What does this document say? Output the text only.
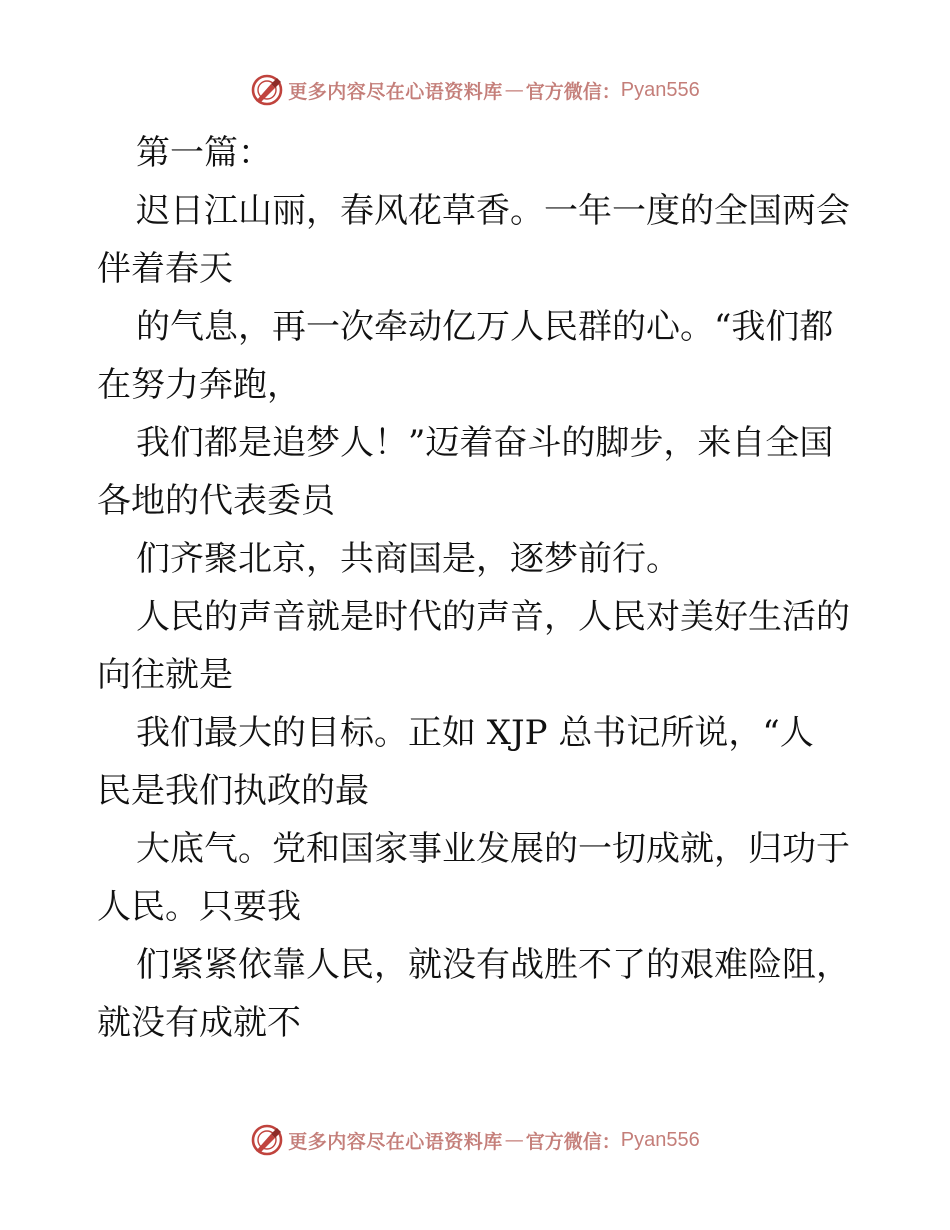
更多内容尽在心语资料库 — 官方微信： Pyan556
第一篇：
迟日江山丽，春风花草香。一年一度的全国两会
伴着春天
的气息，再一次牵动亿万人民群的心。“我们都
在努力奔跑，
我们都是追梦人！”迈着奋斗的脚步，来自全国
各地的代表委员
们齐聚北京，共商国是，逐梦前行。
人民的声音就是时代的声音，人民对美好生活的
向往就是
我们最大的目标。正如 XJP 总书记所说，“人
民是我们执政的最
大底气。党和国家事业发展的一切成就，归功于
人民。只要我
们紧紧依靠人民，就没有战胜不了的艰难险阻，
就没有成就不
更多内容尽在心语资料库 — 官方微信： Pyan556
